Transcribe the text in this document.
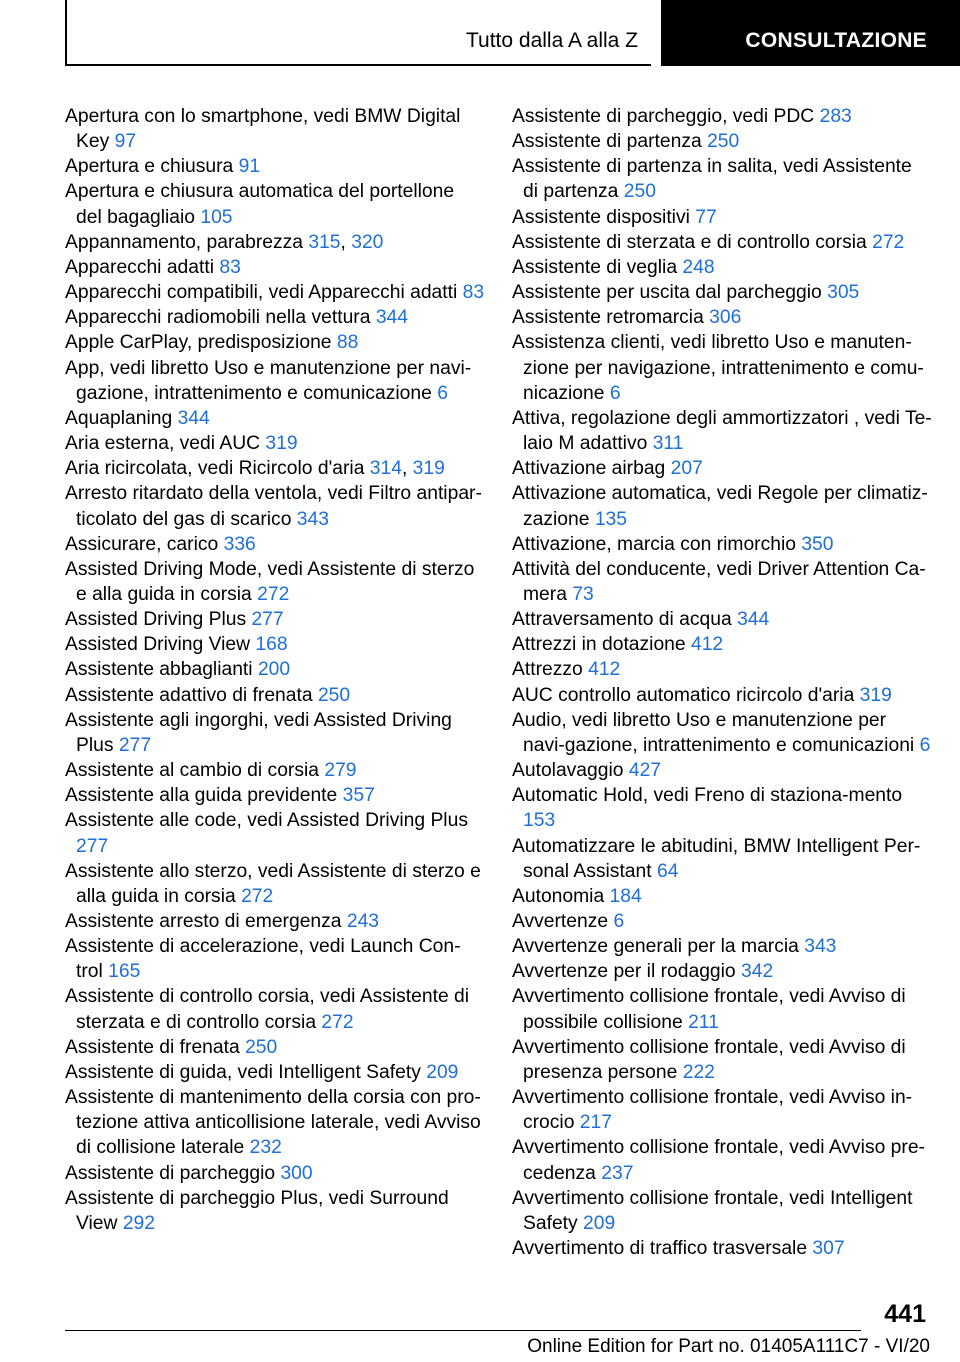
Tutto dalla A alla Z	CONSULTAZIONE
Apertura con lo smartphone, vedi BMW Digital Key 97
Apertura e chiusura 91
Apertura e chiusura automatica del portellone del bagagliaio 105
Appannamento, parabrezza 315, 320
Apparecchi adatti 83
Apparecchi compatibili, vedi Apparecchi adatti 83
Apparecchi radiomobili nella vettura 344
Apple CarPlay, predisposizione 88
App, vedi libretto Uso e manutenzione per navi‐gazione, intrattenimento e comunicazione 6
Aquaplaning 344
Aria esterna, vedi AUC 319
Aria ricircolata, vedi Ricircolo d'aria 314, 319
Arresto ritardato della ventola, vedi Filtro antipar‐ticolato del gas di scarico 343
Assicurare, carico 336
Assisted Driving Mode, vedi Assistente di sterzo e alla guida in corsia 272
Assisted Driving Plus 277
Assisted Driving View 168
Assistente abbaglianti 200
Assistente adattivo di frenata 250
Assistente agli ingorghi, vedi Assisted Driving Plus 277
Assistente al cambio di corsia 279
Assistente alla guida previdente 357
Assistente alle code, vedi Assisted Driving Plus 277
Assistente allo sterzo, vedi Assistente di sterzo e alla guida in corsia 272
Assistente arresto di emergenza 243
Assistente di accelerazione, vedi Launch Con‐trol 165
Assistente di controllo corsia, vedi Assistente di sterzata e di controllo corsia 272
Assistente di frenata 250
Assistente di guida, vedi Intelligent Safety 209
Assistente di mantenimento della corsia con pro‐tezione attiva anticollisione laterale, vedi Avviso di collisione laterale 232
Assistente di parcheggio 300
Assistente di parcheggio Plus, vedi Surround View 292
Assistente di parcheggio, vedi PDC 283
Assistente di partenza 250
Assistente di partenza in salita, vedi Assistente di partenza 250
Assistente dispositivi 77
Assistente di sterzata e di controllo corsia 272
Assistente di veglia 248
Assistente per uscita dal parcheggio 305
Assistente retromarcia 306
Assistenza clienti, vedi libretto Uso e manuten‐zione per navigazione, intrattenimento e comu‐nicazione 6
Attiva, regolazione degli ammortizzatori , vedi Te‐laio M adattivo 311
Attivazione airbag 207
Attivazione automatica, vedi Regole per climatiz‐zazione 135
Attivazione, marcia con rimorchio 350
Attività del conducente, vedi Driver Attention Ca‐mera 73
Attraversamento di acqua 344
Attrezzi in dotazione 412
Attrezzo 412
AUC controllo automatico ricircolo d'aria 319
Audio, vedi libretto Uso e manutenzione per navi‐gazione, intrattenimento e comunicazioni 6
Autolavaggio 427
Automatic Hold, vedi Freno di staziona‐mento 153
Automatizzare le abitudini, BMW Intelligent Per‐sonal Assistant 64
Autonomia 184
Avvertenze 6
Avvertenze generali per la marcia 343
Avvertenze per il rodaggio 342
Avvertimento collisione frontale, vedi Avviso di possibile collisione 211
Avvertimento collisione frontale, vedi Avviso di presenza persone 222
Avvertimento collisione frontale, vedi Avviso in‐crocio 217
Avvertimento collisione frontale, vedi Avviso pre‐cedenza 237
Avvertimento collisione frontale, vedi Intelligent Safety 209
Avvertimento di traffico trasversale 307
441
Online Edition for Part no. 01405A111C7 - VI/20
